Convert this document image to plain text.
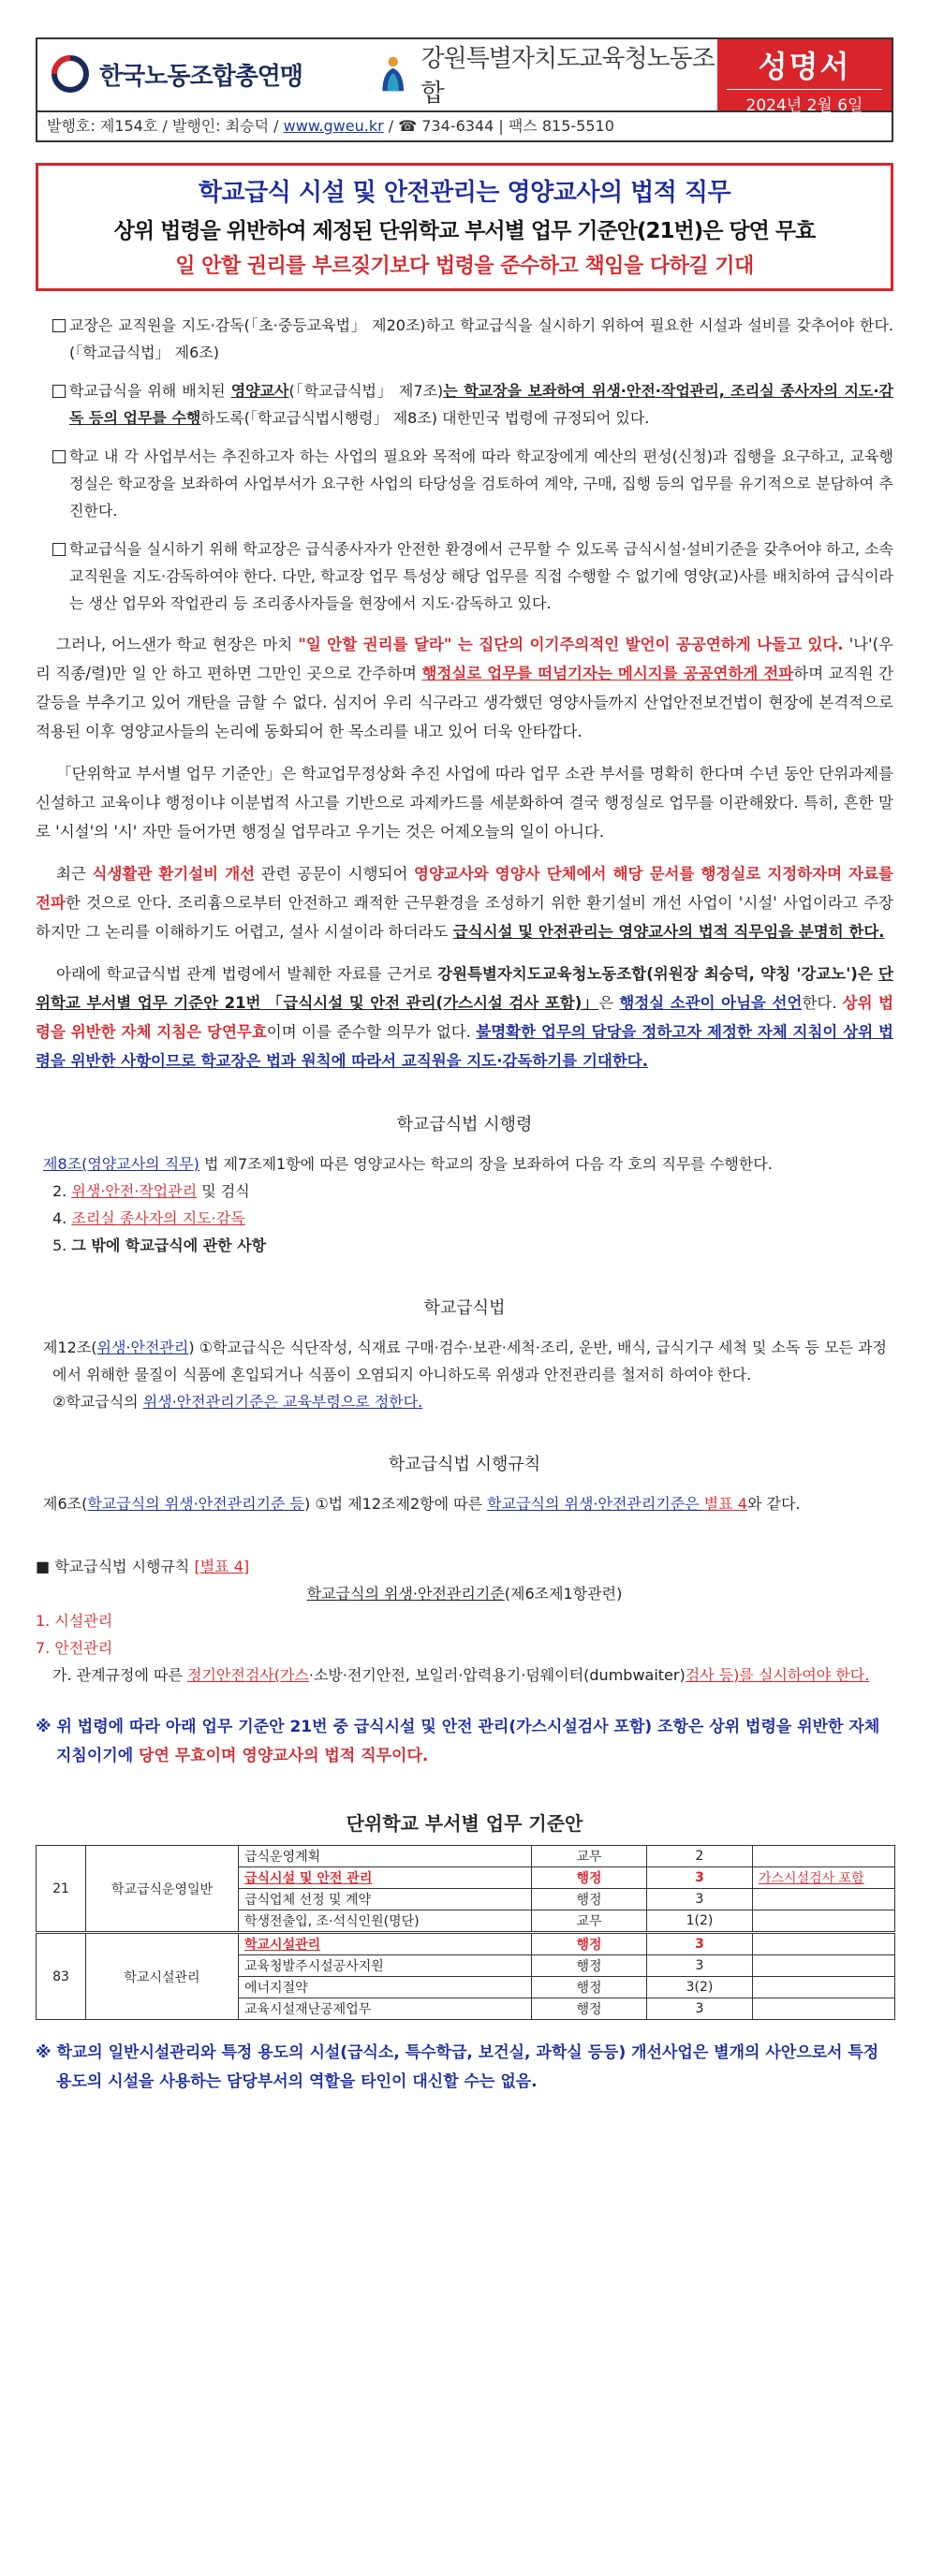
한국노동조합총연맹
강원특별자치도교육청노동조합
성명서
2024년 2월 6일
발행호: 제154호 / 발행인: 최승덕 / www.gweu.kr / ☎ 734-6344 | 팩스 815-5510
학교급식 시설 및 안전관리는 영양교사의 법적 직무
상위 법령을 위반하여 제정된 단위학교 부서별 업무 기준안(21번)은 당연 무효
일 안할 권리를 부르짖기보다 법령을 준수하고 책임을 다하길 기대
교장은 교직원을 지도·감독(「초·중등교육법」 제20조)하고 학교급식을 실시하기 위하여 필요한 시설과 설비를 갖추어야 한다.(「학교급식법」 제6조)
학교급식을 위해 배치된 영양교사(「학교급식법」 제7조)는 학교장을 보좌하여 위생·안전·작업관리, 조리실 종사자의 지도·감독 등의 업무를 수행하도록(「학교급식법시행령」 제8조) 대한민국 법령에 규정되어 있다.
학교 내 각 사업부서는 추진하고자 하는 사업의 필요와 목적에 따라 학교장에게 예산의 편성(신청)과 집행을 요구하고, 교육행정실은 학교장을 보좌하여 사업부서가 요구한 사업의 타당성을 검토하여 계약, 구매, 집행 등의 업무를 유기적으로 분담하여 추진한다.
학교급식을 실시하기 위해 학교장은 급식종사자가 안전한 환경에서 근무할 수 있도록 급식시설·설비기준을 갖추어야 하고, 소속 교직원을 지도·감독하여야 한다. 다만, 학교장 업무 특성상 해당 업무를 직접 수행할 수 없기에 영양(교)사를 배치하여 급식이라는 생산 업무와 작업관리 등 조리종사자들을 현장에서 지도·감독하고 있다.
그러나, 어느샌가 학교 현장은 마치 "일 안할 권리를 달라" 는 집단의 이기주의적인 발언이 공공연하게 나돌고 있다. '나'(우리 직종/렬)만 일 안 하고 편하면 그만인 곳으로 간주하며 행정실로 업무를 떠넘기자는 메시지를 공공연하게 전파하며 교직원 간 갈등을 부추기고 있어 개탄을 금할 수 없다. 심지어 우리 식구라고 생각했던 영양사들까지 산업안전보건법이 현장에 본격적으로 적용된 이후 영양교사들의 논리에 동화되어 한 목소리를 내고 있어 더욱 안타깝다.
「단위학교 부서별 업무 기준안」은 학교업무정상화 추진 사업에 따라 업무 소관 부서를 명확히 한다며 수년 동안 단위과제를 신설하고 교육이냐 행정이냐 이분법적 사고를 기반으로 과제카드를 세분화하여 결국 행정실로 업무를 이관해왔다. 특히, 흔한 말로 '시설'의 '시' 자만 들어가면 행정실 업무라고 우기는 것은 어제오늘의 일이 아니다.
최근 식생활관 환기설비 개선 관련 공문이 시행되어 영양교사와 영양사 단체에서 해당 문서를 행정실로 지정하자며 자료를 전파한 것으로 안다. 조리흄으로부터 안전하고 쾌적한 근무환경을 조성하기 위한 환기설비 개선 사업이 '시설' 사업이라고 주장하지만 그 논리를 이해하기도 어렵고, 설사 시설이라 하더라도 급식시설 및 안전관리는 영양교사의 법적 직무임을 분명히 한다.
아래에 학교급식법 관계 법령에서 발췌한 자료를 근거로 강원특별자치도교육청노동조합(위원장 최승덕, 약칭 '강교노')은 단위학교 부서별 업무 기준안 21번 「급식시설 및 안전 관리(가스시설 검사 포함)」은 행정실 소관이 아님을 선언한다. 상위 법령을 위반한 자체 지침은 당연무효이며 이를 준수할 의무가 없다. 불명확한 업무의 담당을 정하고자 제정한 자체 지침이 상위 법령을 위반한 사항이므로 학교장은 법과 원칙에 따라서 교직원을 지도·감독하기를 기대한다.
학교급식법 시행령
제8조(영양교사의 직무) 법 제7조제1항에 따른 영양교사는 학교의 장을 보좌하여 다음 각 호의 직무를 수행한다.
2. 위생·안전·작업관리 및 검식
4. 조리실 종사자의 지도·감독
5. 그 밖에 학교급식에 관한 사항
학교급식법
제12조(위생·안전관리) ①학교급식은 식단작성, 식재료 구매·검수·보관·세척·조리, 운반, 배식, 급식기구 세척 및 소독 등 모든 과정에서 위해한 물질이 식품에 혼입되거나 식품이 오염되지 아니하도록 위생과 안전관리를 철저히 하여야 한다.
②학교급식의 위생·안전관리기준은 교육부령으로 정한다.
학교급식법 시행규칙
제6조(학교급식의 위생·안전관리기준 등) ①법 제12조제2항에 따른 학교급식의 위생·안전관리기준은 별표 4와 같다.
■ 학교급식법 시행규칙 [별표 4]
학교급식의 위생·안전관리기준(제6조제1항관련)
1. 시설관리
7. 안전관리
가. 관계규정에 따른 정기안전검사(가스·소방·전기안전, 보일러·압력용기·덤웨이터(dumbwaiter)검사 등)를 실시하여야 한다.
※ 위 법령에 따라 아래 업무 기준안 21번 중 급식시설 및 안전 관리(가스시설검사 포함) 조항은 상위 법령을 위반한 자체 지침이기에 당연 무효이며 영양교사의 법적 직무이다.
단위학교 부서별 업무 기준안
21	학교급식운영일반	급식운영계획	교무	2	
		급식시설 및 안전 관리	행정	3	가스시설검사 포함
		급식업체 선정 및 계약	행정	3	
		학생전출입, 조·석식인원(명단)	교무	1(2)	
83	학교시설관리	학교시설관리	행정	3	
		교육청발주시설공사지원	행정	3	
		에너지절약	행정	3(2)	
		교육시설재난공제업무	행정	3	
※ 학교의 일반시설관리와 특정 용도의 시설(급식소, 특수학급, 보건실, 과학실 등등) 개선사업은 별개의 사안으로서 특정 용도의 시설을 사용하는 담당부서의 역할을 타인이 대신할 수는 없음.
